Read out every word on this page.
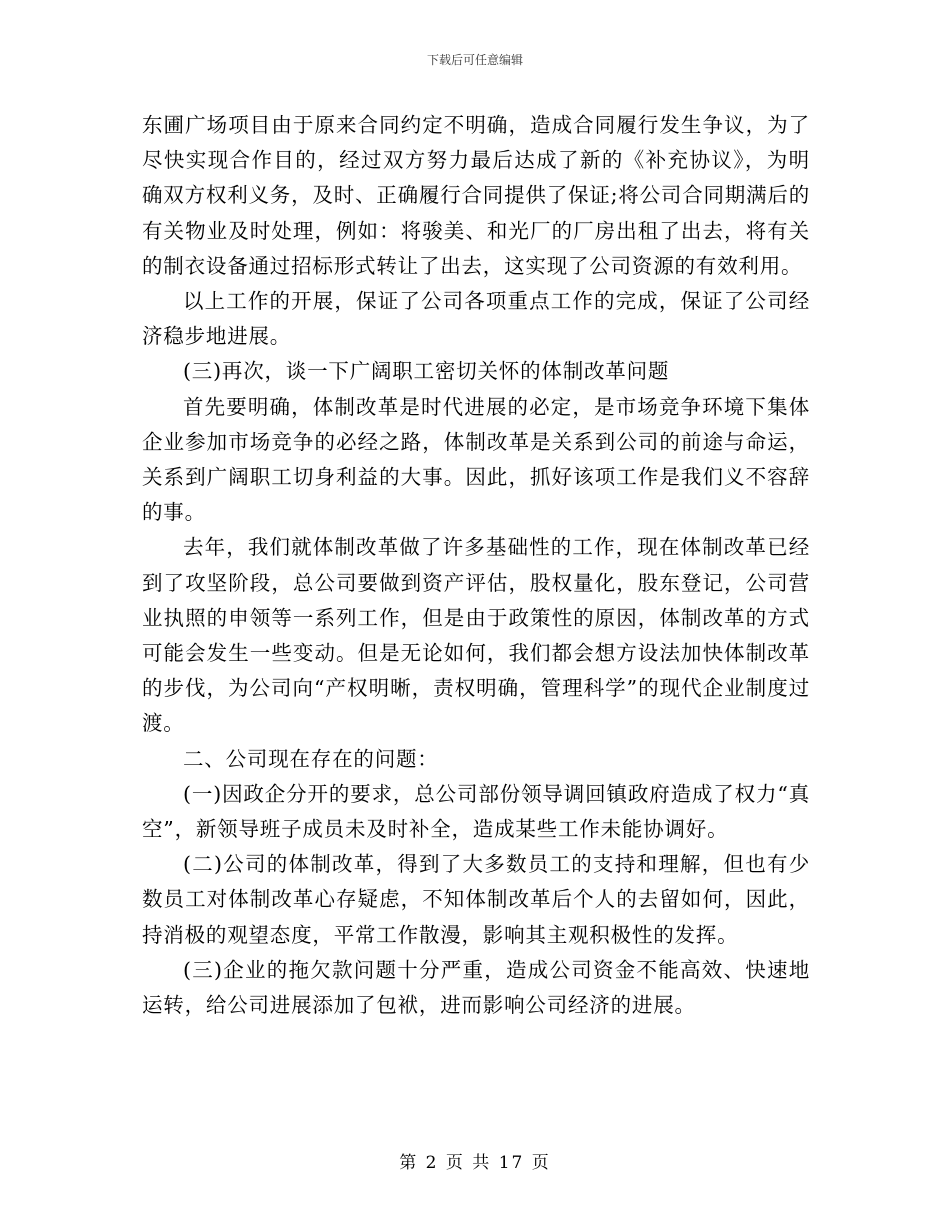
下载后可任意编辑

东圃广场项目由于原来合同约定不明确，造成合同履行发生争议，为了尽快实现合作目的，经过双方努力最后达成了新的《补充协议》，为明确双方权利义务，及时、正确履行合同提供了保证;将公司合同期满后的有关物业及时处理，例如：将骏美、和光厂的厂房出租了出去，将有关的制衣设备通过招标形式转让了出去，这实现了公司资源的有效利用。

以上工作的开展，保证了公司各项重点工作的完成，保证了公司经济稳步地进展。

(三)再次，谈一下广阔职工密切关怀的体制改革问题

首先要明确，体制改革是时代进展的必定，是市场竞争环境下集体企业参加市场竞争的必经之路，体制改革是关系到公司的前途与命运，关系到广阔职工切身利益的大事。因此，抓好该项工作是我们义不容辞的事。

去年，我们就体制改革做了许多基础性的工作，现在体制改革已经到了攻坚阶段，总公司要做到资产评估，股权量化，股东登记，公司营业执照的申领等一系列工作，但是由于政策性的原因，体制改革的方式可能会发生一些变动。但是无论如何，我们都会想方设法加快体制改革的步伐，为公司向“产权明晰，责权明确，管理科学”的现代企业制度过渡。

二、公司现在存在的问题：

(一)因政企分开的要求，总公司部份领导调回镇政府造成了权力“真空”，新领导班子成员未及时补全，造成某些工作未能协调好。

(二)公司的体制改革，得到了大多数员工的支持和理解，但也有少数员工对体制改革心存疑虑，不知体制改革后个人的去留如何，因此，持消极的观望态度，平常工作散漫，影响其主观积极性的发挥。

(三)企业的拖欠款问题十分严重，造成公司资金不能高效、快速地运转，给公司进展添加了包袱，进而影响公司经济的进展。

第 2 页 共 17 页
